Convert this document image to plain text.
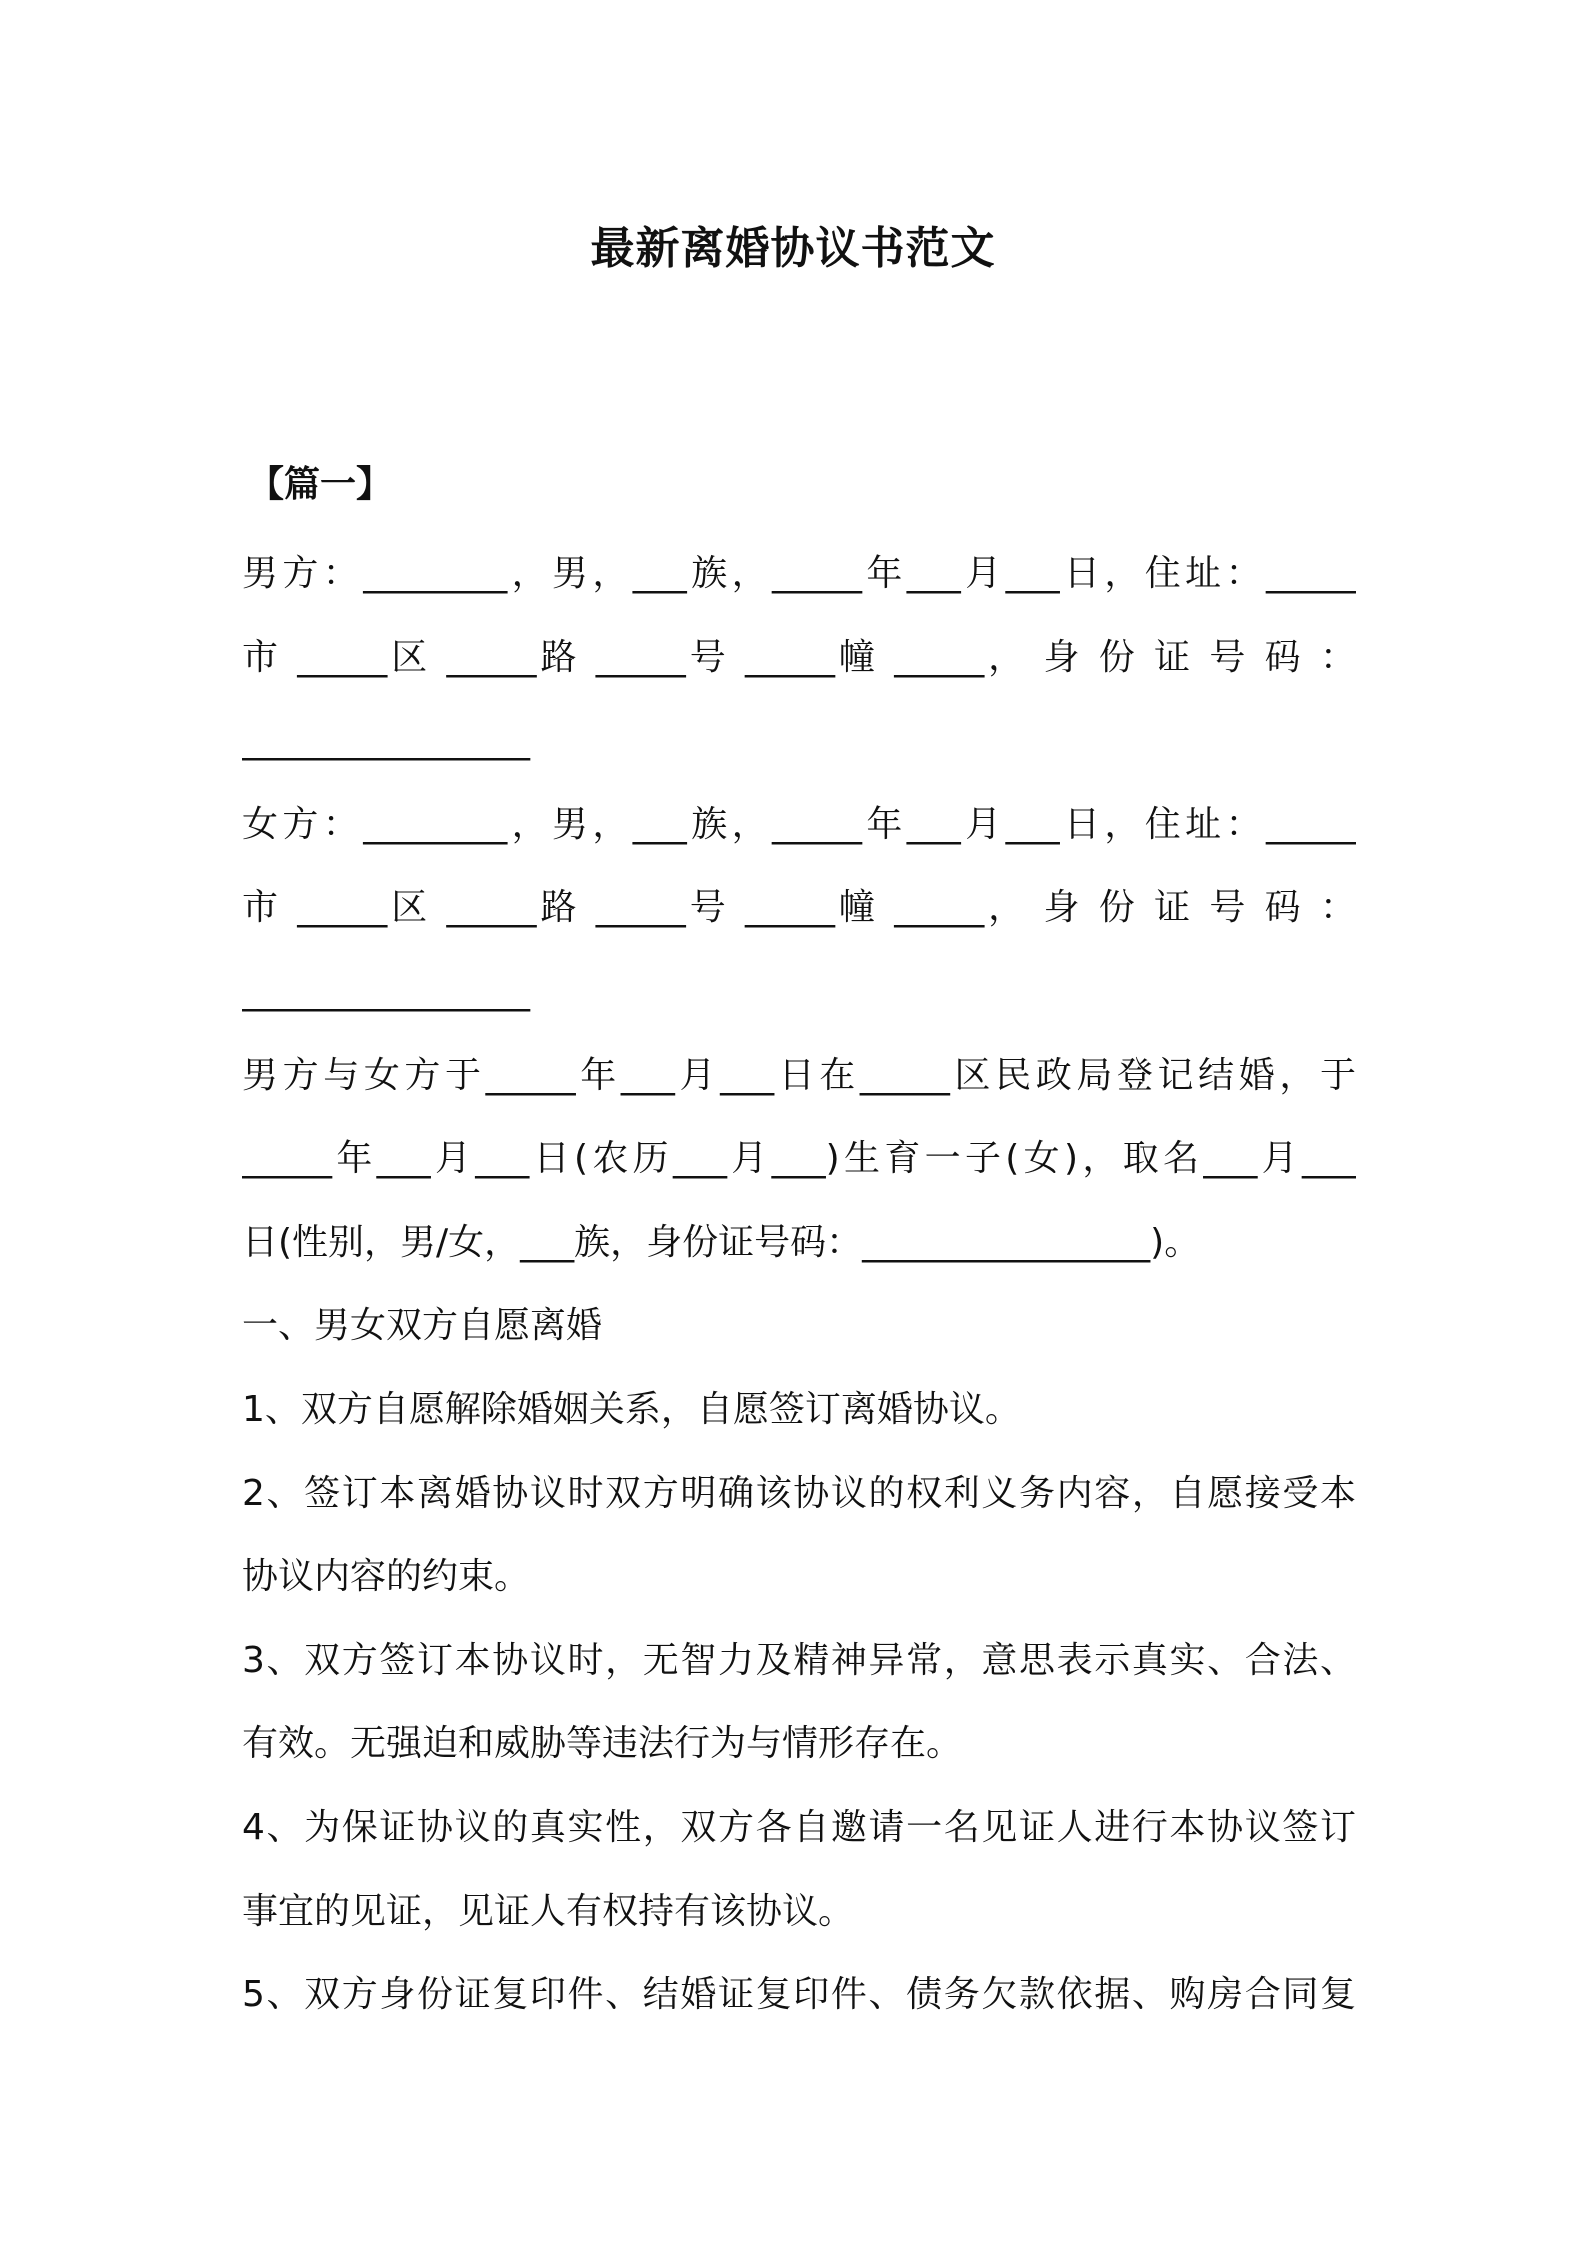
最新离婚协议书范文
【篇一】
男方：________，男，___族，_____年___月___日，住址：_____
市 _____区 _____路 _____号 _____幢 _____， 身 份 证 号 码 ：
________________
女方：________，男，___族，_____年___月___日，住址：_____
市 _____区 _____路 _____号 _____幢 _____， 身 份 证 号 码 ：
________________
男方与女方于_____年___月___日在_____区民政局登记结婚，于
_____年___月___日(农历___月___)生育一子(女)，取名___月___
日(性别，男/女，___族，身份证号码：________________)。
一、男女双方自愿离婚
1、双方自愿解除婚姻关系，自愿签订离婚协议。
2、签订本离婚协议时双方明确该协议的权利义务内容，自愿接受本
协议内容的约束。
3、双方签订本协议时，无智力及精神异常，意思表示真实、合法、
有效。无强迫和威胁等违法行为与情形存在。
4、为保证协议的真实性，双方各自邀请一名见证人进行本协议签订
事宜的见证，见证人有权持有该协议。
5、双方身份证复印件、结婚证复印件、债务欠款依据、购房合同复
